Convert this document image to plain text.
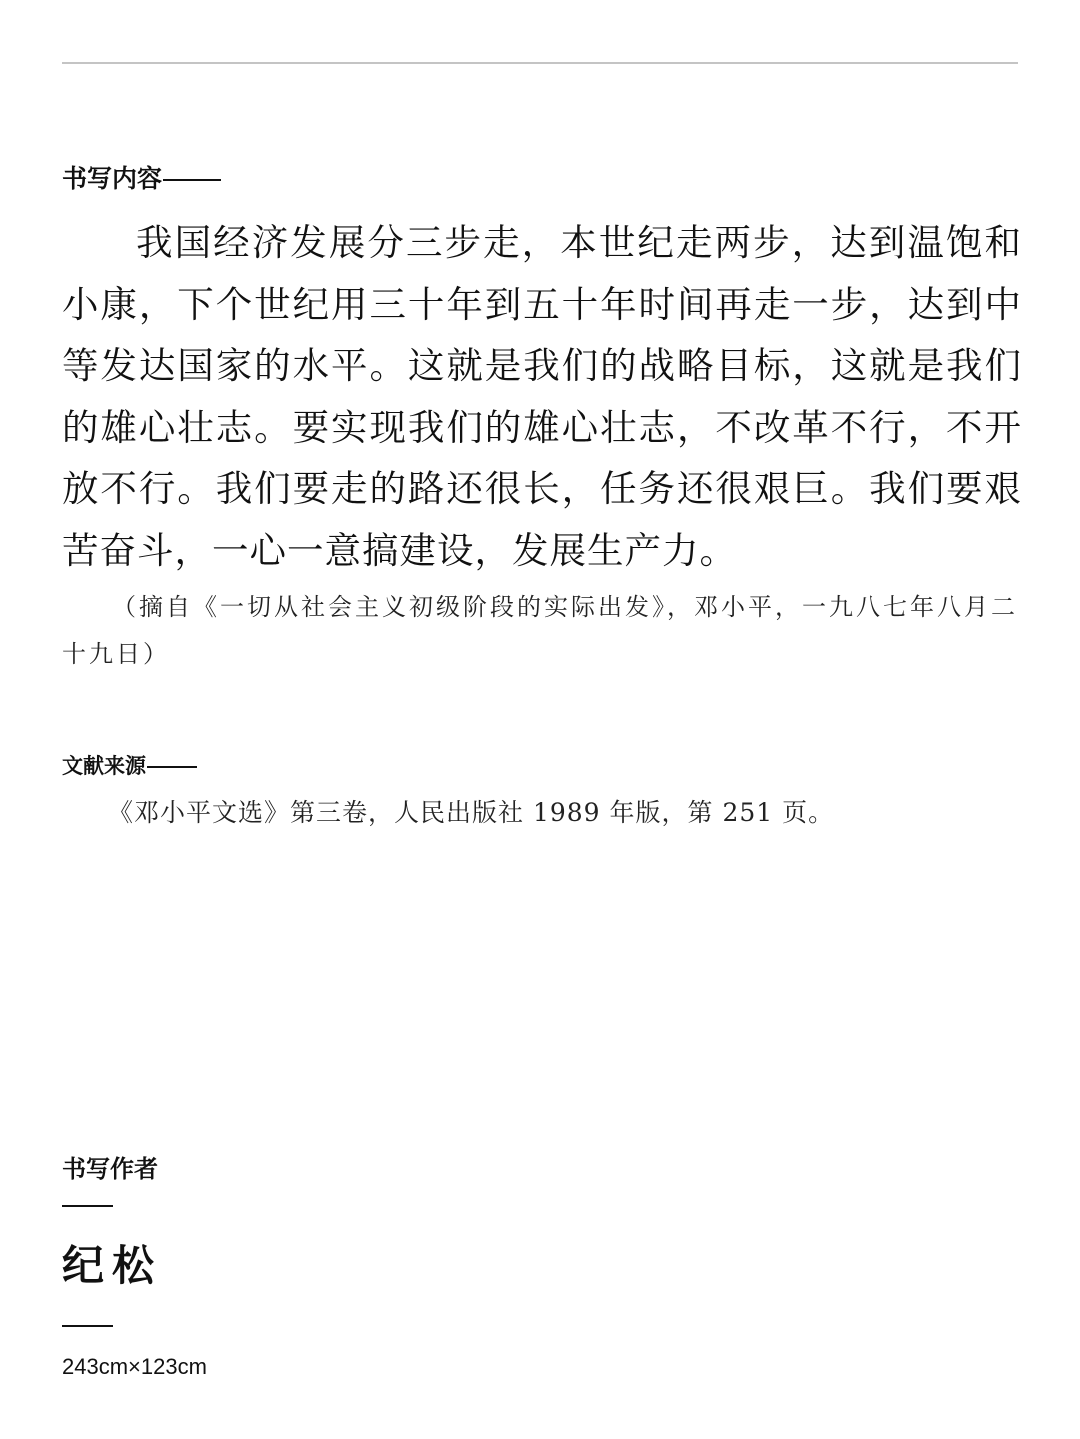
书写内容

我国经济发展分三步走，本世纪走两步，达到温饱和小康，下个世纪用三十年到五十年时间再走一步，达到中等发达国家的水平。这就是我们的战略目标，这就是我们的雄心壮志。要实现我们的雄心壮志，不改革不行，不开放不行。我们要走的路还很长，任务还很艰巨。我们要艰苦奋斗，一心一意搞建设，发展生产力。

（摘自《一切从社会主义初级阶段的实际出发》，邓小平，一九八七年八月二十九日）

文献来源

《邓小平文选》第三卷，人民出版社 1989 年版，第 251 页。

书写作者
纪松
243cm×123cm
